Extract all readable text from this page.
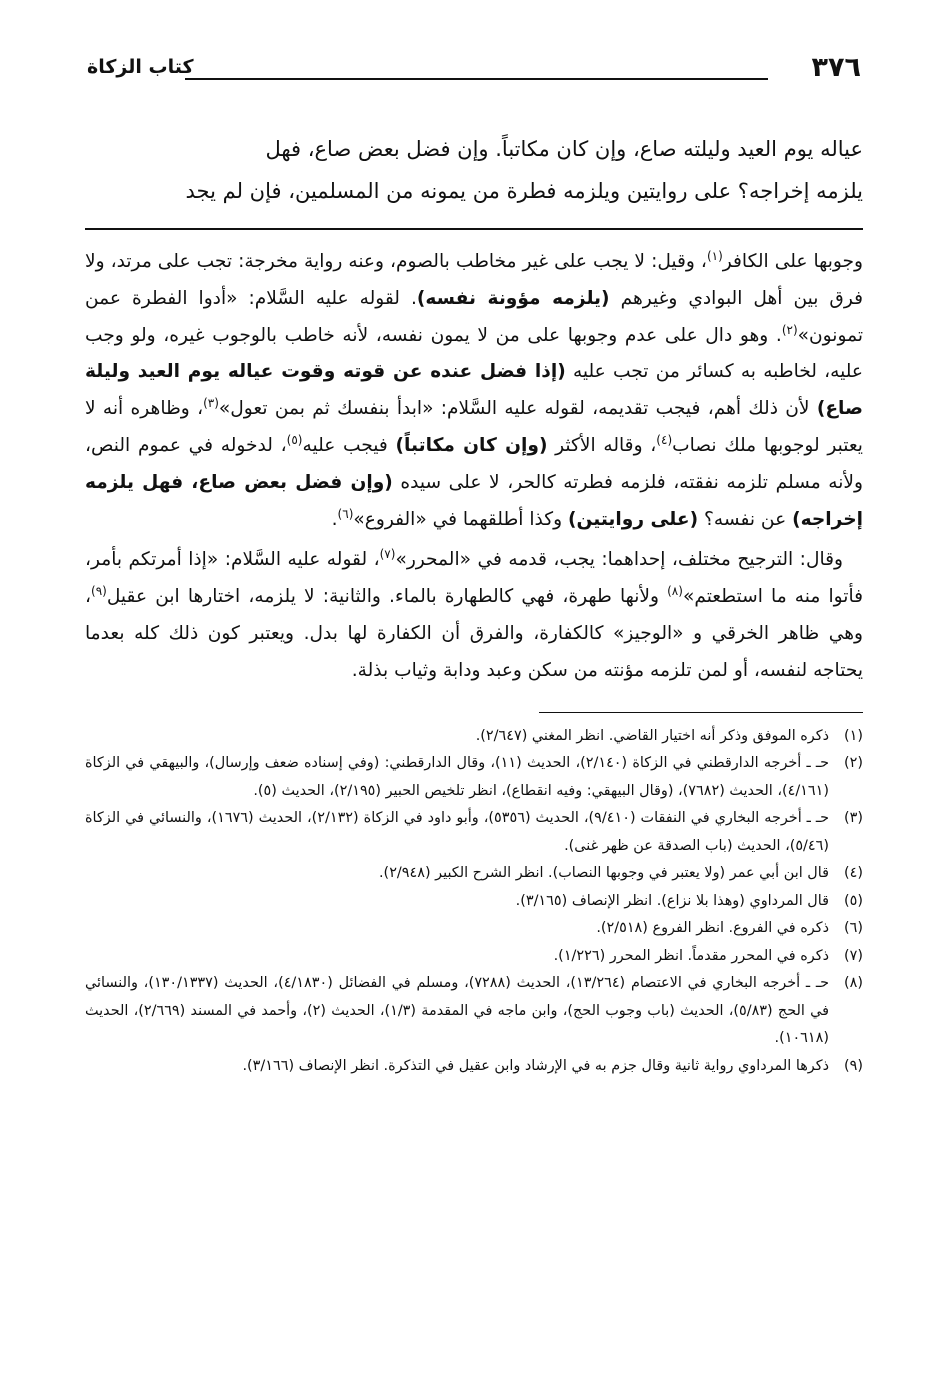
٣٧٦
كتاب الزكاة
عياله يوم العيد وليلته صاع، وإن كان مكاتباً. وإن فضل بعض صاع، فهل
يلزمه إخراجه؟ على روايتين ويلزمه فطرة من يمونه من المسلمين، فإن لم يجد

وجوبها على الكافر$^{(١)}$، وقيل: لا يجب على غير مخاطب بالصوم، وعنه رواية مخرجة: تجب على مرتد، ولا فرق بين أهل البوادي وغيرهم (يلزمه مؤونة نفسه). لقوله عليه السَّلام: «أدوا الفطرة عمن تمونون»$^{(٢)}$. وهو دال على عدم وجوبها على من لا يمون نفسه، لأنه خاطب بالوجوب غيره، ولو وجب عليه، لخاطبه به كسائر من تجب عليه (إذا فضل عنده عن قوته وقوت عياله يوم العيد وليلة صاع) لأن ذلك أهم، فيجب تقديمه، لقوله عليه السَّلام: «ابدأ بنفسك ثم بمن تعول»$^{(٣)}$، وظاهره أنه لا يعتبر لوجوبها ملك نصاب$^{(٤)}$، وقاله الأكثر (وإن كان مكاتباً) فيجب عليه$^{(٥)}$، لدخوله في عموم النص، ولأنه مسلم تلزمه نفقته، فلزمه فطرته كالحر، لا على سيده (وإن فضل بعض صاع، فهل يلزمه إخراجه) عن نفسه؟ (على روايتين) وكذا أطلقهما في «الفروع»$^{(٦)}$.

وقال: الترجيح مختلف، إحداهما: يجب، قدمه في «المحرر»$^{(٧)}$، لقوله عليه السَّلام: «إذا أمرتكم بأمر، فأتوا منه ما استطعتم»$^{(٨)}$ ولأنها طهرة، فهي كالطهارة بالماء. والثانية: لا يلزمه، اختارها ابن عقيل$^{(٩)}$، وهي ظاهر الخرقي و «الوجيز» كالكفارة، والفرق أن الكفارة لها بدل. ويعتبر كون ذلك كله بعدما يحتاجه لنفسه، أو لمن تلزمه مؤنته من سكن وعبد ودابة وثياب بذلة.

(١)
ذكره الموفق وذكر أنه اختيار القاضي. انظر المغني (٢/٦٤٧).
(٢)
حـ ـ أخرجه الدارقطني في الزكاة (٢/١٤٠)، الحديث (١١)، وقال الدارقطني: (وفي إسناده ضعف وإرسال)، والبيهقي في الزكاة (٤/١٦١)، الحديث (٧٦٨٢)، (وقال البيهقي: وفيه انقطاع)، انظر تلخيص الحبير (٢/١٩٥)، الحديث (٥).
(٣)
حـ ـ أخرجه البخاري في النفقات (٩/٤١٠)، الحديث (٥٣٥٦)، وأبو داود في الزكاة (٢/١٣٢)، الحديث (١٦٧٦)، والنسائي في الزكاة (٥/٤٦)، الحديث (باب الصدقة عن ظهر غنى).
(٤)
قال ابن أبي عمر (ولا يعتبر في وجوبها النصاب). انظر الشرح الكبير (٢/٩٤٨).
(٥)
قال المرداوي (وهذا بلا نزاع). انظر الإنصاف (٣/١٦٥).
(٦)
ذكره في الفروع. انظر الفروع (٢/٥١٨).
(٧)
ذكره في المحرر مقدماً. انظر المحرر (١/٢٢٦).
(٨)
حـ ـ أخرجه البخاري في الاعتصام (١٣/٢٦٤)، الحديث (٧٢٨٨)، ومسلم في الفضائل (٤/١٨٣٠)، الحديث (١٣٠/١٣٣٧)، والنسائي في الحج (٥/٨٣)، الحديث (باب وجوب الحج)، وابن ماجه في المقدمة (١/٣)، الحديث (٢)، وأحمد في المسند (٢/٦٦٩)، الحديث (١٠٦١٨).
(٩)
ذكرها المرداوي رواية ثانية وقال جزم به في الإرشاد وابن عقيل في التذكرة. انظر الإنصاف (٣/١٦٦).
